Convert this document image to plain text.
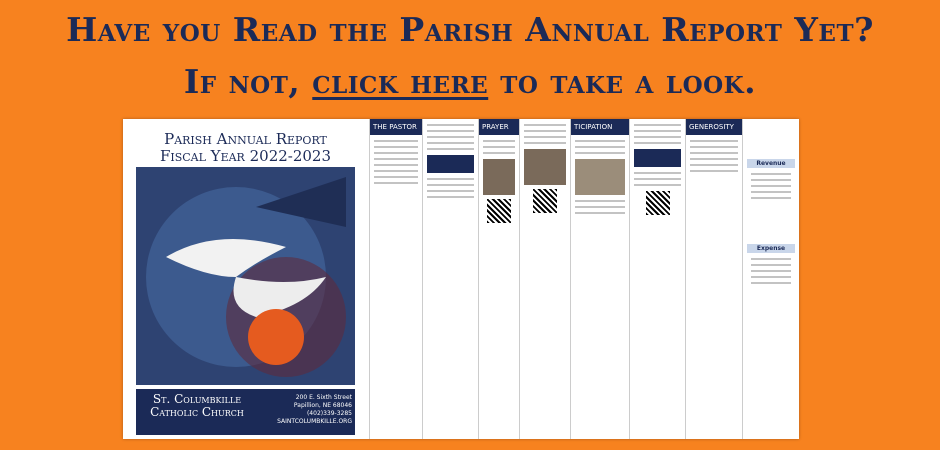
Have you Read the Parish Annual Report Yet?
If not, click here to take a look.
Parish Annual Report
Fiscal Year 2022-2023
St. Columbkille
Catholic Church
200 E. Sixth Street
Papillion, NE 68046
(402)339-3285
SAINTCOLUMBKILLE.ORG
THE PASTOR	PRAYER	TICIPATION	GENEROSITY
Revenue
Expense
